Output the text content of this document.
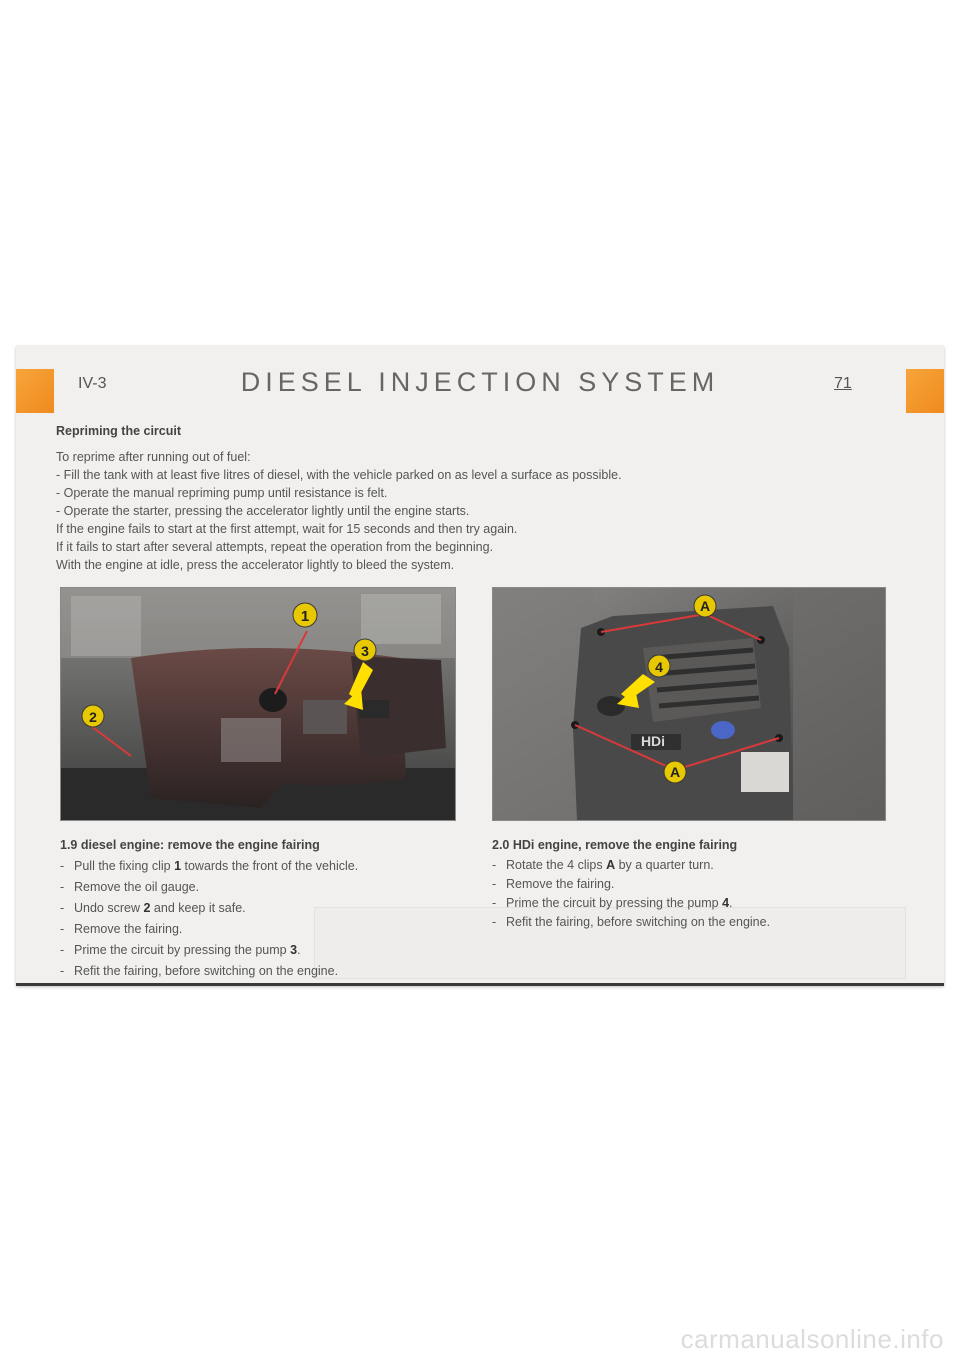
IV-3	DIESEL INJECTION SYSTEM	71
Repriming the circuit

To reprime after running out of fuel:

- Fill the tank with at least five litres of diesel, with the vehicle parked on as level a surface as possible.

- Operate the manual repriming pump until resistance is felt.

- Operate the starter, pressing the accelerator lightly until the engine starts.

If the engine fails to start at the first attempt, wait for 15 seconds and then try again.

If it fails to start after several attempts, repeat the operation from the beginning.

With the engine at idle, press the accelerator lightly to bleed the system.

1
2
3
HDi
A
4
A
1.9 diesel engine: remove the engine fairing
- Pull the fixing clip 1 towards the front of the vehicle.
- Remove the oil gauge.
- Undo screw 2 and keep it safe.
- Remove the fairing.
- Prime the circuit by pressing the pump 3.
- Refit the fairing, before switching on the engine.
2.0 HDi engine, remove the engine fairing
- Rotate the 4 clips A by a quarter turn.
- Remove the fairing.
- Prime the circuit by pressing the pump 4.
- Refit the fairing, before switching on the engine.
carmanualsonline.info
